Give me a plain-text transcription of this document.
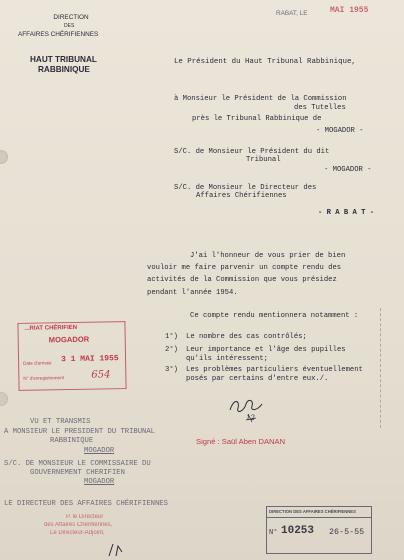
DIRECTION
DES
AFFAIRES CHÉRIFIENNES
HAUT TRIBUNAL
RABBINIQUE
RABAT, LE	MAI 1955
Le Président du Haut Tribunal Rabbinique,
à Monsieur le Président de la Commission
des Tutelles
près le Tribunal Rabbinique de
- MOGADOR -
S/C. de Monsieur le Président du dit
Tribunal
- MOGADOR -
S/C. de Monsieur le Directeur des
Affaires Chérifiennes
- R A B A T -
J'ai l'honneur de vous prier de bien
vouloir me faire parvenir un compte rendu des
activités de la Commission que vous présidez
pendant l'année 1954.
Ce compte rendu mentionnera notamment :
1°) Le nombre des cas contrôlés;
2°) Leur importance et l'âge des pupilles
qu'ils intéressent;
3°) Les problèmes particuliers éventuellement
posés par certains d'entre eux./.
...RIAT CHÉRIFIEN
MOGADOR
Date d'arrivée 3 1 MAI 1955
N° d'enregistrement	654
12
Signé : Saül Aben DANAN
VU ET TRANSMIS
A MONSIEUR LE PRESIDENT DU TRIBUNAL
RABBINIQUE
MOGADOR
S/C. DE MONSIEUR LE COMMISSAIRE DU
GOUVERNEMENT CHERIFIEN
MOGADOR
LE DIRECTEUR DES AFFAIRES CHÉRIFIENNES
P. le Directeur
des Affaires Chérifiennes,
Le Directeur-Adjoint,
DIRECTION DES AFFAIRES CHÉRIFIENNES
N° 10253 26-5-55
